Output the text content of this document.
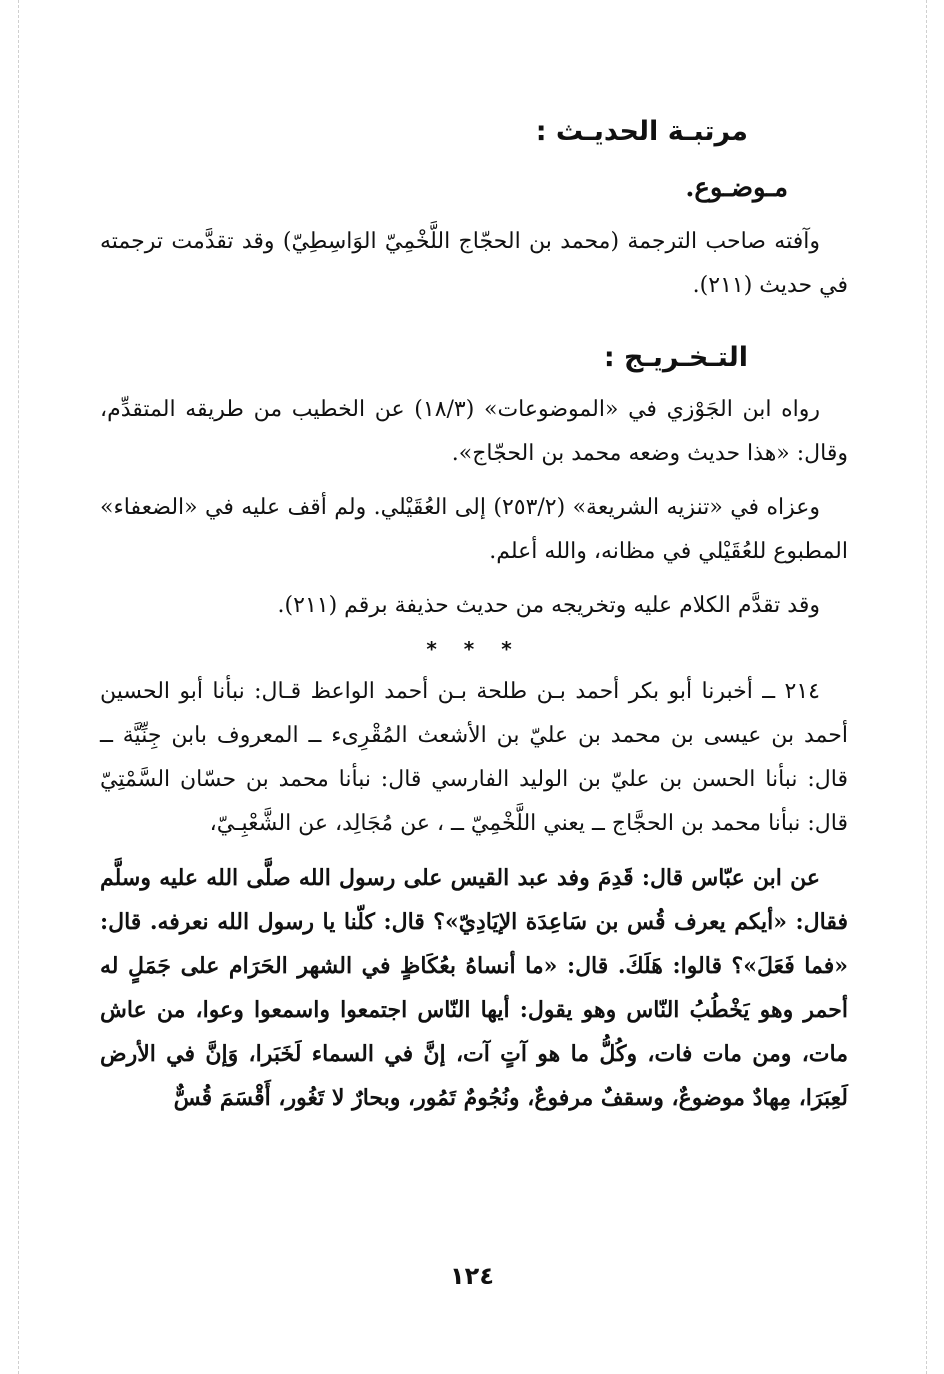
مرتبـة الحديـث :

مـوضـوع.

وآفته صاحب الترجمة (محمد بن الحجّاج اللَّخْمِيّ الوَاسِطِيّ) وقد تقدَّمت ترجمته في حديث (٢١١).

التـخـريـج :

رواه ابن الجَوْزي في «الموضوعات» (١٨/٣) عن الخطيب من طريقه المتقدِّم، وقال: «هذا حديث وضعه محمد بن الحجّاج».

وعزاه في «تنزيه الشريعة» (٢٥٣/٢) إلى العُقَيْلي. ولم أقف عليه في «الضعفاء» المطبوع للعُقَيْلي في مظانه، والله أعلم.

وقد تقدَّم الكلام عليه وتخريجه من حديث حذيفة برقم (٢١١).

* * *

٢١٤ ــ أخبرنا أبو بكر أحمد بـن طلحة بـن أحمد الواعظ قـال: نبأنا أبو الحسين أحمد بن عيسى بن محمد بن عليّ بن الأشعث المُقْرِىء ــ المعروف بابن جِنِّيَّة ــ قال: نبأنا الحسن بن عليّ بن الوليد الفارسي قال: نبأنا محمد بن حسّان السَّمْتِيّ قال: نبأنا محمد بن الحجَّاج ــ يعني اللَّخْمِيّ ــ ، عن مُجَالِد، عن الشَّعْبِـيّ،

عن ابن عبّاس قال: قَدِمَ وفد عبد القيس على رسول الله صلَّى الله عليه وسلَّم فقال: «أيكم يعرف قُس بن سَاعِدَة الإيَادِيّ»؟ قال: كلّنا يا رسول الله نعرفه. قال: «فما فَعَلَ»؟ قالوا: هَلَكَ. قال: «ما أنساهُ بعُكَاظٍ في الشهر الحَرَام على جَمَلٍ له أحمر وهو يَخْطُبُ النّاس وهو يقول: أيها النّاس اجتمعوا واسمعوا وعوا، من عاش مات، ومن مات فات، وكُلُّ ما هو آتٍ آت، إنَّ في السماء لَخَبَرا، وَإنَّ في الأرض لَعِبَرَا، مِهادٌ موضوعٌ، وسقفٌ مرفوعٌ، ونُجُومٌ تَمُور، وبحارٌ لا تَغُور، أَقْسَمَ قُسٌّ

١٢٤
